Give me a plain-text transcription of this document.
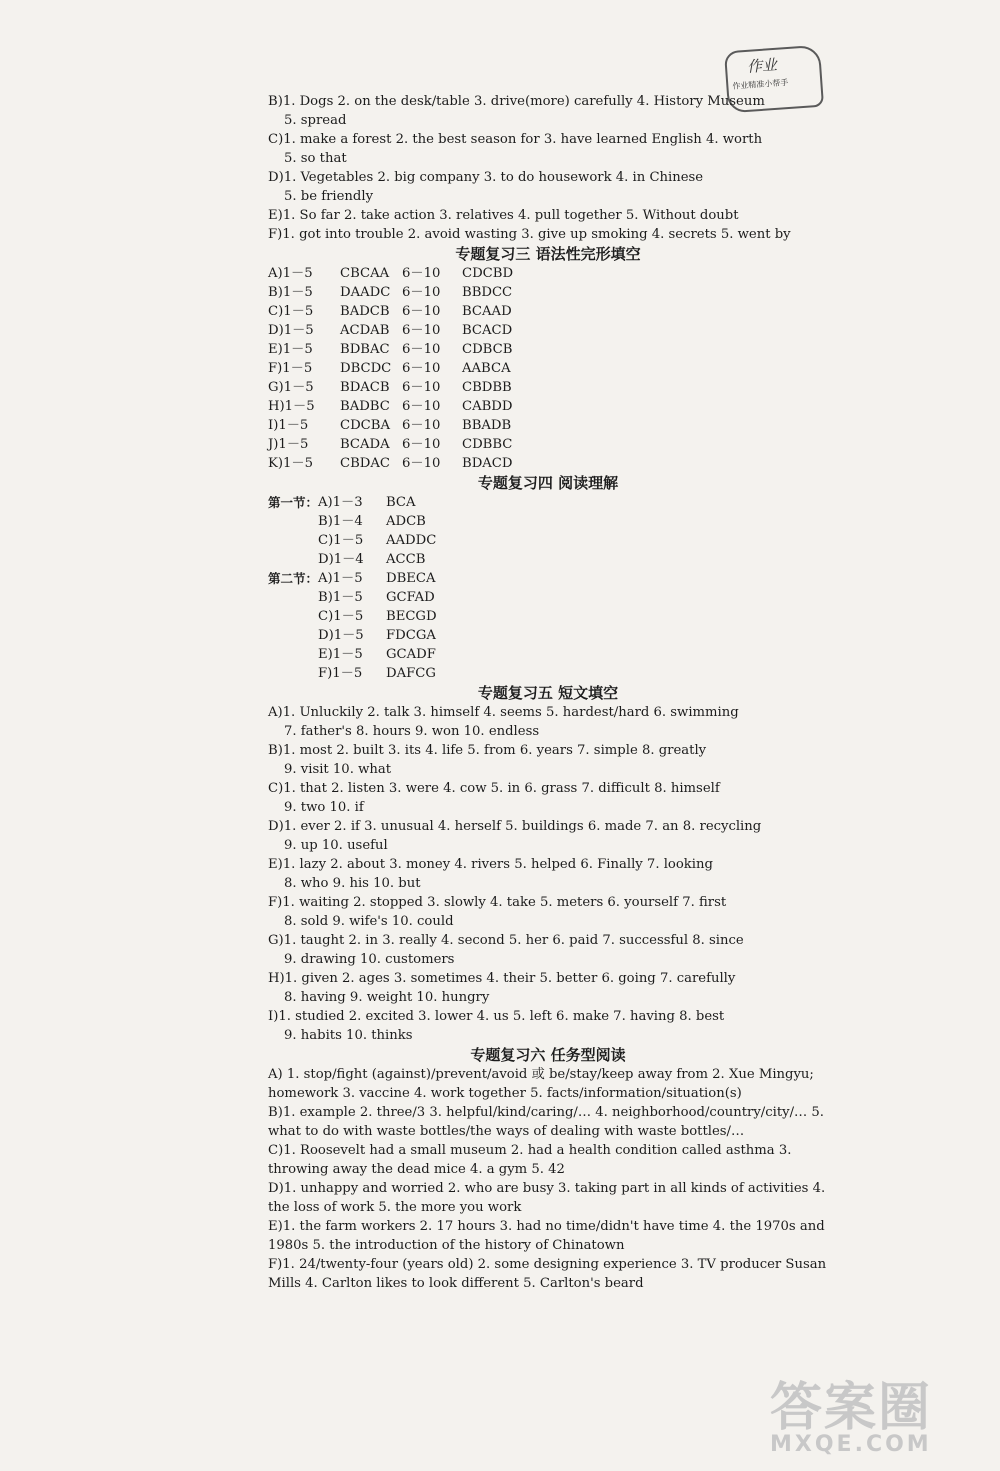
作业
作业精准小帮手
B)1. Dogs 2. on the desk/table 3. drive(more) carefully 4. History Museum
5. spread
C)1. make a forest 2. the best season for 3. have learned English 4. worth
5. so that
D)1. Vegetables 2. big company 3. to do housework 4. in Chinese
5. be friendly
E)1. So far 2. take action 3. relatives 4. pull together 5. Without doubt
F)1. got into trouble 2. avoid wasting 3. give up smoking 4. secrets 5. went by
专题复习三 语法性完形填空
A)1－5	CBCAA 6－10	CDCBD
B)1－5	DAADC 6－10	BBDCC
C)1－5	BADCB 6－10	BCAAD
D)1－5	ACDAB 6－10	BCACD
E)1－5	BDBAC 6－10	CDBCB
F)1－5	DBCDC 6－10	AABCA
G)1－5	BDACB 6－10	CBDBB
H)1－5	BADBC 6－10	CABDD
I)1－5	CDCBA 6－10	BBADB
J)1－5	BCADA 6－10	CDBBC
K)1－5	CBDAC 6－10	BDACD
专题复习四 阅读理解
第一节： A)1－3	BCA
B)1－4	ADCB
C)1－5	AADDC
D)1－4	ACCB
第二节： A)1－5	DBECA
B)1－5	GCFAD
C)1－5	BECGD
D)1－5	FDCGA
E)1－5	GCADF
F)1－5	DAFCG
专题复习五 短文填空
A)1. Unluckily 2. talk 3. himself 4. seems 5. hardest/hard 6. swimming
7. father's 8. hours 9. won 10. endless
B)1. most 2. built 3. its 4. life 5. from 6. years 7. simple 8. greatly
9. visit 10. what
C)1. that 2. listen 3. were 4. cow 5. in 6. grass 7. difficult 8. himself
9. two 10. if
D)1. ever 2. if 3. unusual 4. herself 5. buildings 6. made 7. an 8. recycling
9. up 10. useful
E)1. lazy 2. about 3. money 4. rivers 5. helped 6. Finally 7. looking
8. who 9. his 10. but
F)1. waiting 2. stopped 3. slowly 4. take 5. meters 6. yourself 7. first
8. sold 9. wife's 10. could
G)1. taught 2. in 3. really 4. second 5. her 6. paid 7. successful 8. since
9. drawing 10. customers
H)1. given 2. ages 3. sometimes 4. their 5. better 6. going 7. carefully
8. having 9. weight 10. hungry
I)1. studied 2. excited 3. lower 4. us 5. left 6. make 7. having 8. best
9. habits 10. thinks
专题复习六 任务型阅读
A) 1. stop/fight (against)/prevent/avoid 或 be/stay/keep away from 2. Xue Mingyu; homework 3. vaccine 4. work together 5. facts/information/situation(s)
B)1. example 2. three/3 3. helpful/kind/caring/… 4. neighborhood/country/city/… 5. what to do with waste bottles/the ways of dealing with waste bottles/…
C)1. Roosevelt had a small museum 2. had a health condition called asthma 3. throwing away the dead mice 4. a gym 5. 42
D)1. unhappy and worried 2. who are busy 3. taking part in all kinds of activities 4. the loss of work 5. the more you work
E)1. the farm workers 2. 17 hours 3. had no time/didn't have time 4. the 1970s and 1980s 5. the introduction of the history of Chinatown
F)1. 24/twenty-four (years old) 2. some designing experience 3. TV producer Susan Mills 4. Carlton likes to look different 5. Carlton's beard
答案圈
MXQE.COM
